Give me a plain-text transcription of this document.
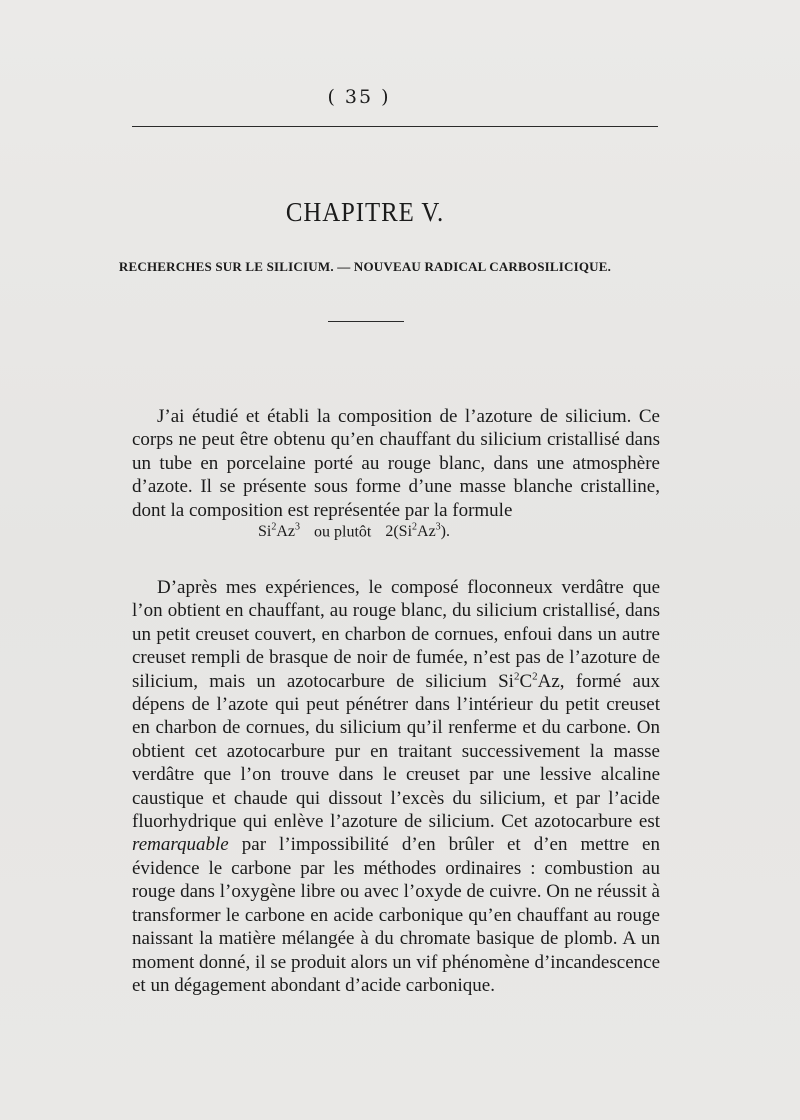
( 35 )
CHAPITRE V.
RECHERCHES SUR LE SILICIUM. — NOUVEAU RADICAL CARBOSILICIQUE.

J’ai étudié et établi la composition de l’azoture de silicium. Ce corps ne peut être obtenu qu’en chauffant du silicium cristallisé dans un tube en porcelaine porté au rouge blanc, dans une atmosphère d’azote. Il se présente sous forme d’une masse blanche cristalline, dont la composition est représentée par la formule

Si$^2$Az$^3$ ou plutôt 2(Si$^2$Az$^3$).

D’après mes expériences, le composé floconneux verdâtre que l’on obtient en chauffant, au rouge blanc, du silicium cristallisé, dans un petit creuset couvert, en charbon de cornues, enfoui dans un autre creuset rempli de brasque de noir de fumée, n’est pas de l’azoture de silicium, mais un azotocarbure de silicium $Si^2C^2Az$, formé aux dépens de l’azote qui peut pénétrer dans l’intérieur du petit creuset en charbon de cornues, du silicium qu’il renferme et du carbone. On obtient cet azotocarbure pur en traitant successivement la masse verdâtre que l’on trouve dans le creuset par une lessive alcaline caustique et chaude qui dissout l’excès du silicium, et par l’acide fluorhydrique qui enlève l’azoture de silicium. Cet azotocarbure est remarquable par l’impossibilité d’en brûler et d’en mettre en évidence le carbone par les méthodes ordinaires : combustion au rouge dans l’oxygène libre ou avec l’oxyde de cuivre. On ne réussit à transformer le carbone en acide carbonique qu’en chauffant au rouge naissant la matière mélangée à du chromate basique de plomb. A un moment donné, il se produit alors un vif phénomène d’incandescence et un dégagement abondant d’acide carbonique.
